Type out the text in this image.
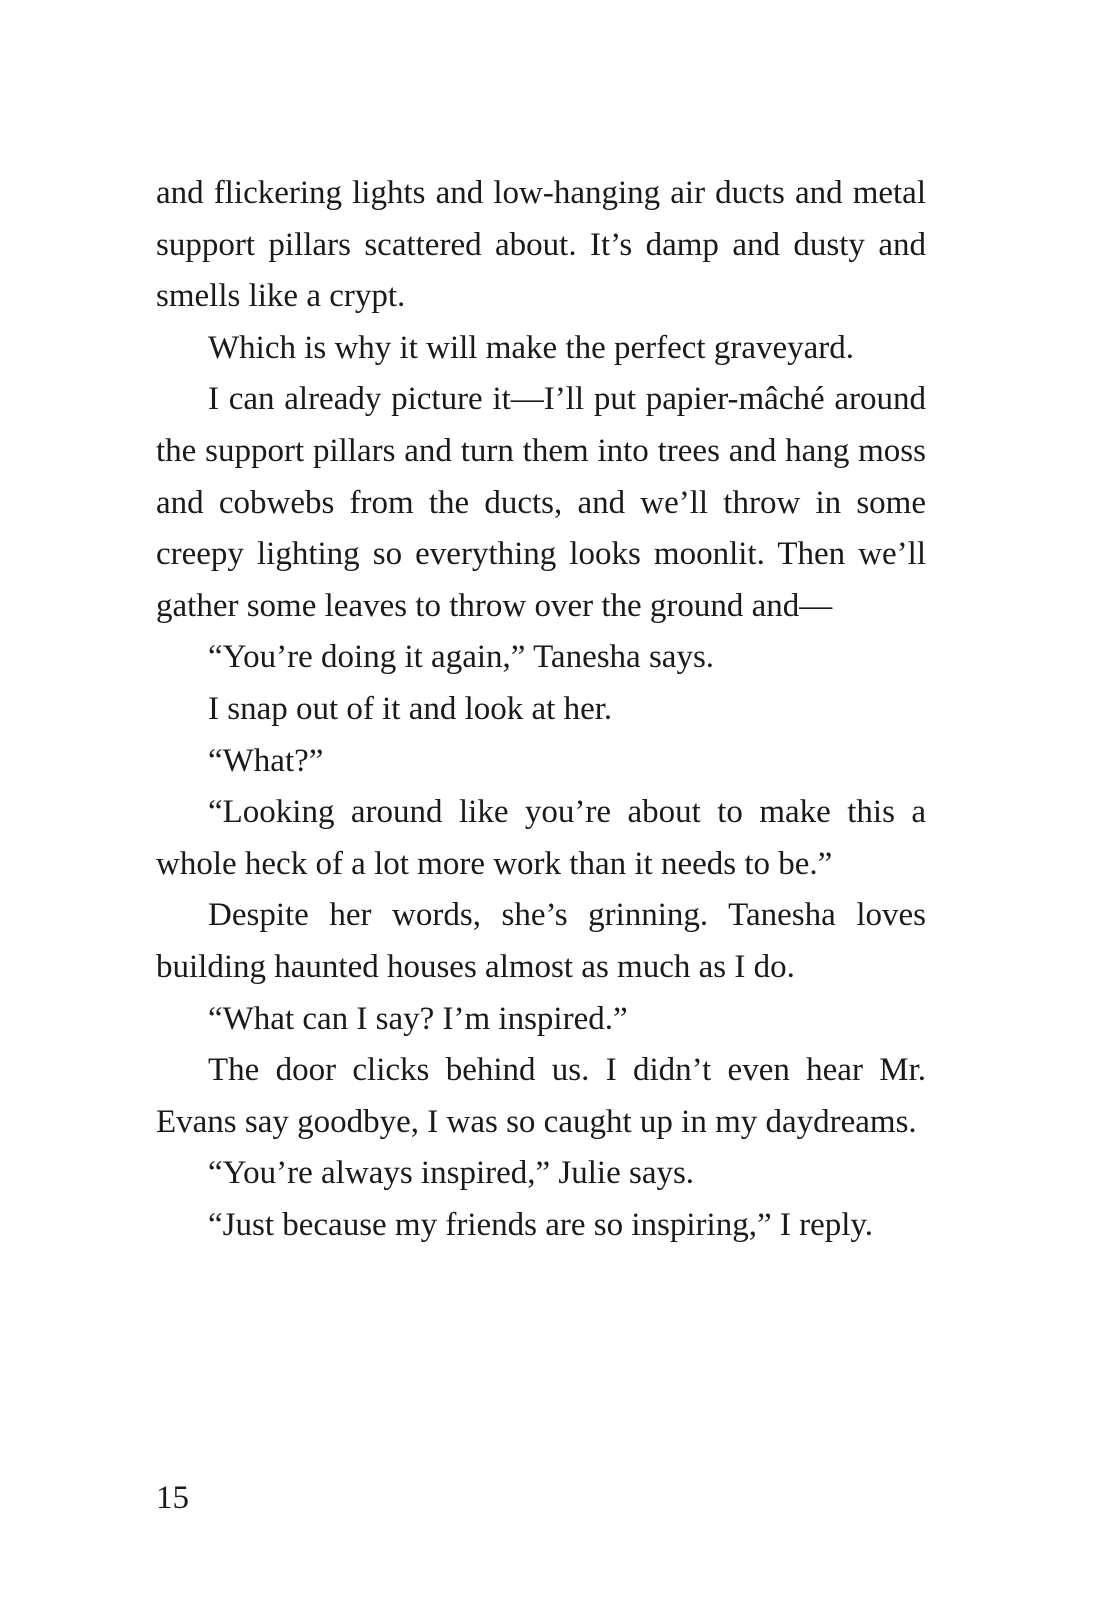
and flickering lights and low-hanging air ducts and metal support pillars scattered about. It’s damp and dusty and smells like a crypt.

Which is why it will make the perfect graveyard.

I can already picture it—I’ll put papier-mâché around the support pillars and turn them into trees and hang moss and cobwebs from the ducts, and we’ll throw in some creepy lighting so everything looks moonlit. Then we’ll gather some leaves to throw over the ground and—

“You’re doing it again,” Tanesha says.

I snap out of it and look at her.

“What?”

“Looking around like you’re about to make this a whole heck of a lot more work than it needs to be.”

Despite her words, she’s grinning. Tanesha loves building haunted houses almost as much as I do.

“What can I say? I’m inspired.”

The door clicks behind us. I didn’t even hear Mr. Evans say goodbye, I was so caught up in my daydreams.

“You’re always inspired,” Julie says.

“Just because my friends are so inspiring,” I reply.

15
